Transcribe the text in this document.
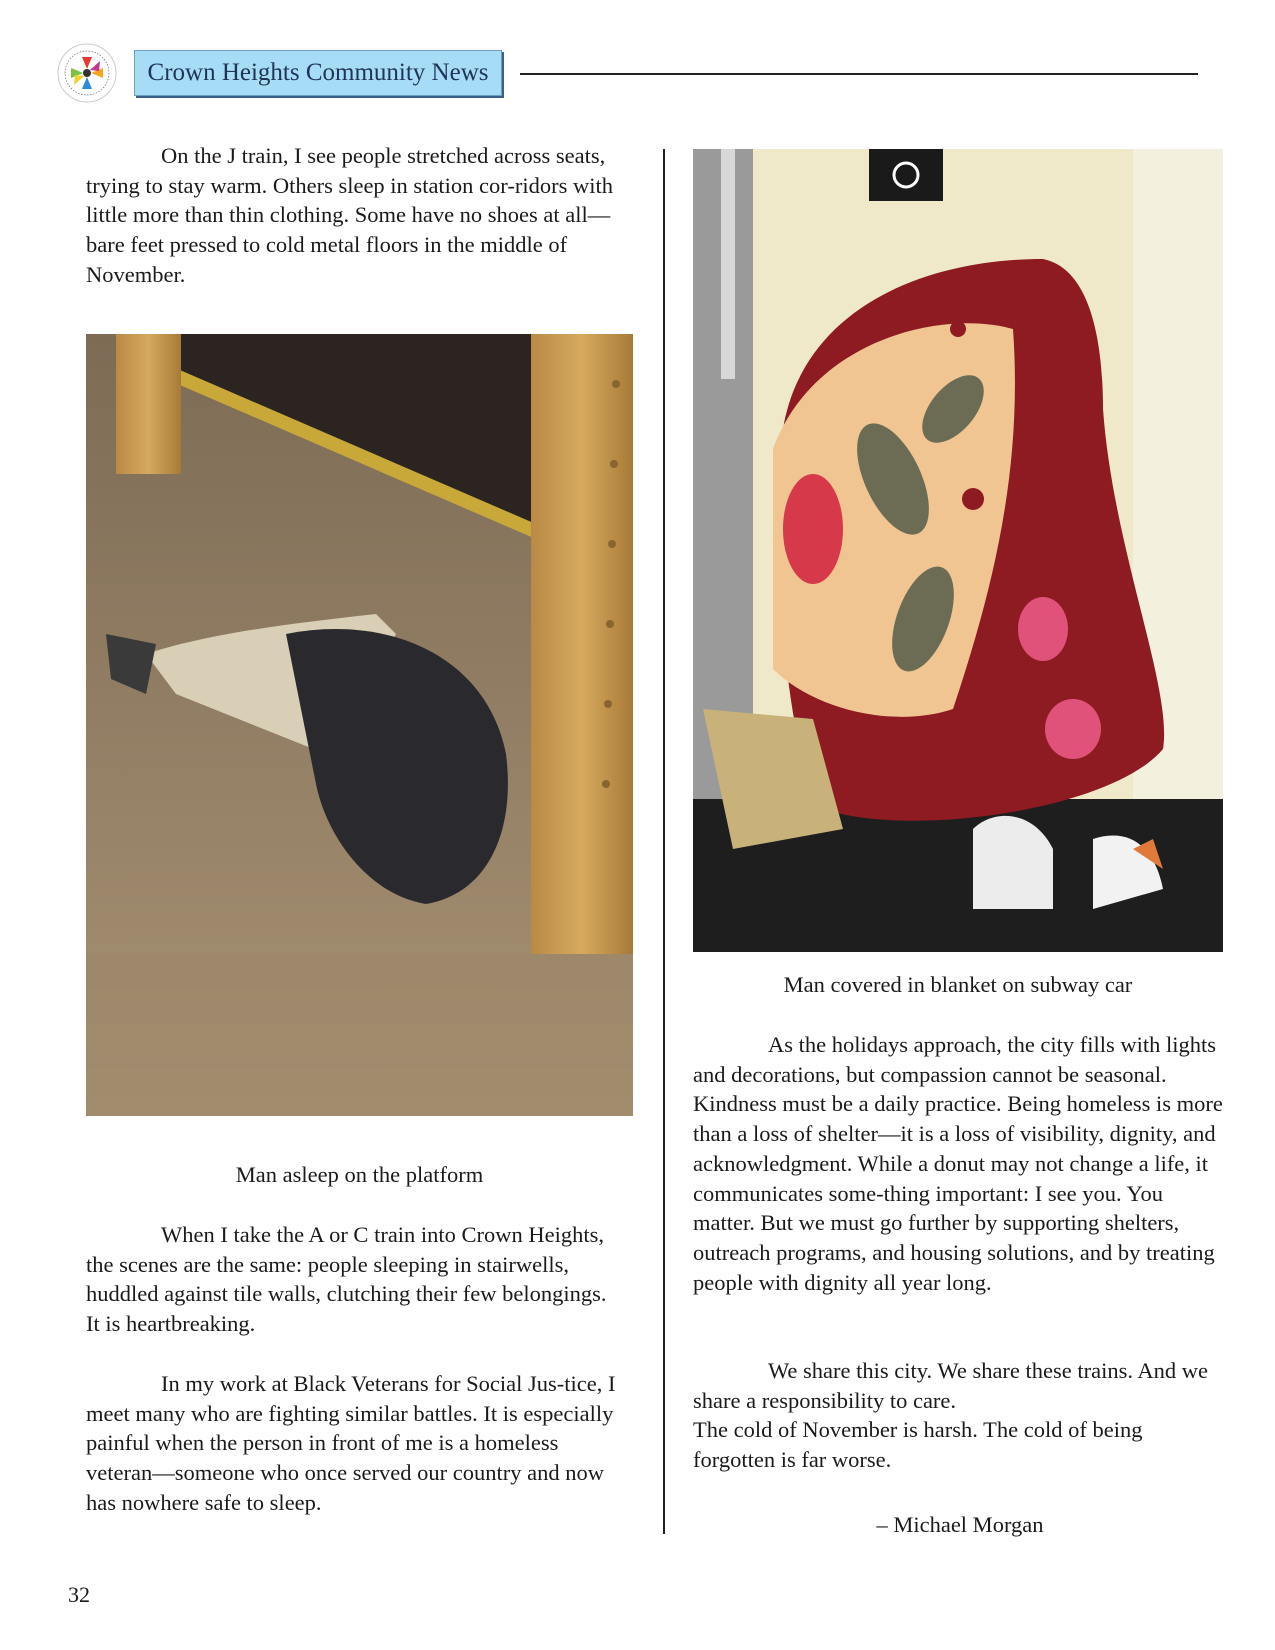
Crown Heights Community News

On the J train, I see people stretched across seats, trying to stay warm. Others sleep in station cor-ridors with little more than thin clothing. Some have no shoes at all—bare feet pressed to cold metal floors in the middle of November.

Man asleep on the platform

When I take the A or C train into Crown Heights, the scenes are the same: people sleeping in stairwells, huddled against tile walls, clutching their few belongings. It is heartbreaking.

In my work at Black Veterans for Social Jus-tice, I meet many who are fighting similar battles. It is especially painful when the person in front of me is a homeless veteran—someone who once served our country and now has nowhere safe to sleep.

Man covered in blanket on subway car

As the holidays approach, the city fills with lights and decorations, but compassion cannot be seasonal. Kindness must be a daily practice. Being homeless is more than a loss of shelter—it is a loss of visibility, dignity, and acknowledgment. While a donut may not change a life, it communicates some-thing important: I see you. You matter. But we must go further by supporting shelters, outreach programs, and housing solutions, and by treating people with dignity all year long.

We share this city. We share these trains. And we share a responsibility to care.

The cold of November is harsh. The cold of being forgotten is far worse.

– Michael Morgan
32
